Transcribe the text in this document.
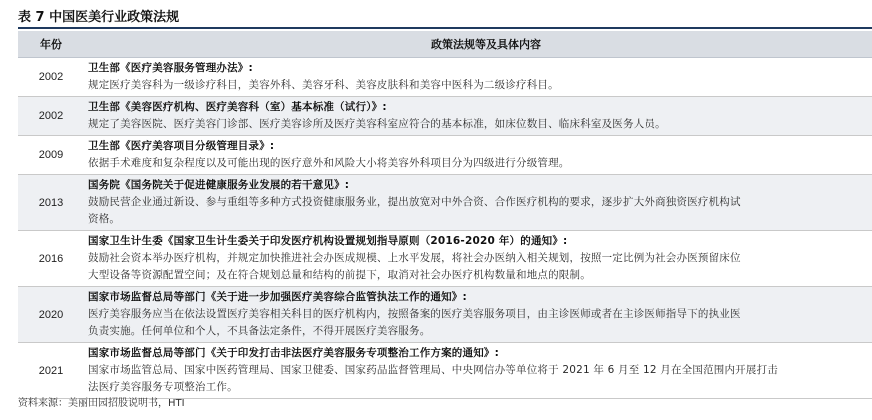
表 7 中国医美行业政策法规
年份	政策法规等及具体内容
2002	卫生部《医疗美容服务管理办法》:
规定医疗美容科为一级诊疗科目，美容外科、美容牙科、美容皮肤科和美容中医科为二级诊疗科目。

2002	卫生部《美容医疗机构、医疗美容科（室）基本标准（试行）》:
规定了美容医院、医疗美容门诊部、医疗美容诊所及医疗美容科室应符合的基本标准，如床位数目、临床科室及医务人员。

2009	卫生部《医疗美容项目分级管理目录》:
依据手术难度和复杂程度以及可能出现的医疗意外和风险大小将美容外科项目分为四级进行分级管理。

2013	国务院《国务院关于促进健康服务业发展的若干意见》:
鼓励民营企业通过新设、参与重组等多种方式投资健康服务业，提出放宽对中外合资、合作医疗机构的要求，逐步扩大外商独资医疗机构试
资格。

2016	国家卫生计生委《国家卫生计生委关于印发医疗机构设置规划指导原则（2016-2020 年）的通知》:
鼓励社会资本举办医疗机构，并规定加快推进社会办医成规模、上水平发展，将社会办医纳入相关规划，按照一定比例为社会办医预留床位
大型设备等资源配置空间；及在符合规划总量和结构的前提下，取消对社会办医疗机构数量和地点的限制。

2020	国家市场监督总局等部门《关于进一步加强医疗美容综合监管执法工作的通知》:
医疗美容服务应当在依法设置医疗美容相关科目的医疗机构内，按照备案的医疗美容服务项目，由主诊医师或者在主诊医师指导下的执业医
负责实施。任何单位和个人，不具备法定条件，不得开展医疗美容服务。

2021	国家市场监督总局等部门《关于印发打击非法医疗美容服务专项整治工作方案的通知》:
国家市场监管总局、国家中医药管理局、国家卫健委、国家药品监督管理局、中央网信办等单位将于 2021 年 6 月至 12 月在全国范围内开展打击
法医疗美容服务专项整治工作。
资料来源：美丽田园招股说明书，HTI
